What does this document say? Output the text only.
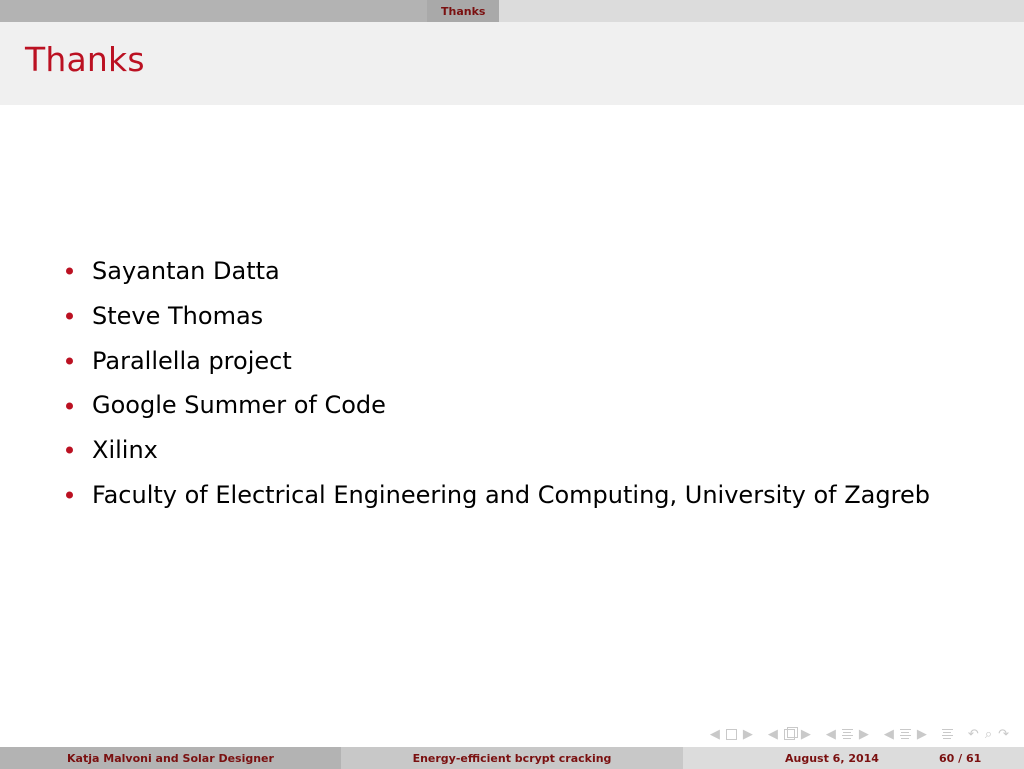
Thanks
Thanks
Sayantan Datta
Steve Thomas
Parallella project
Google Summer of Code
Xilinx
Faculty of Electrical Engineering and Computing, University of Zagreb
◀ ▶ ◀ ▶ ◀ ▶ ◀ ▶	↶ ⌕ ↷
Katja Malvoni and Solar Designer	Energy-efficient bcrypt cracking	August 6, 2014	60 / 61
